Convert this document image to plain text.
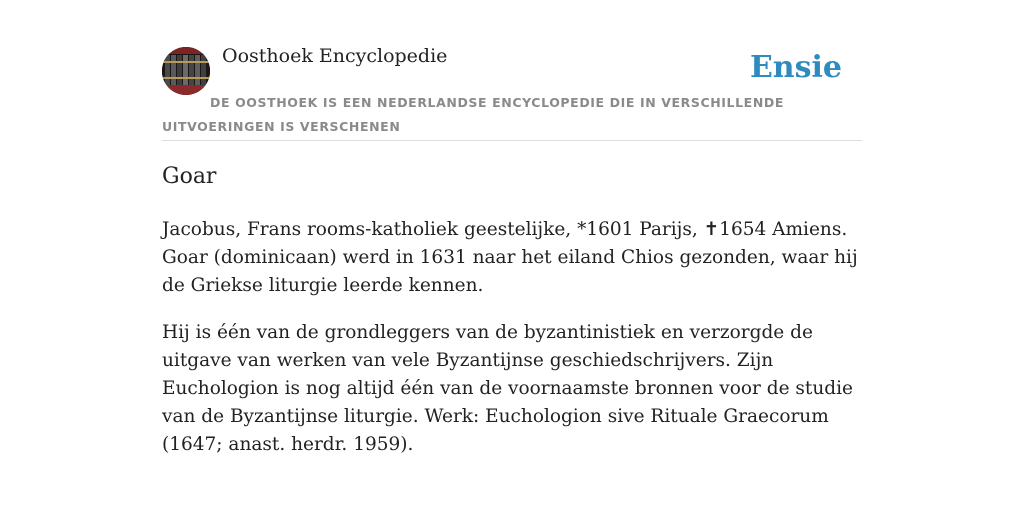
Oosthoek Encyclopedie	Ensie
DE OOSTHOEK IS EEN NEDERLANDSE ENCYCLOPEDIE DIE IN VERSCHILLENDE UITVOERINGEN IS VERSCHENEN
Goar

Jacobus, Frans rooms-katholiek geestelijke, *1601 Parijs, ✝1654 Amiens. Goar (dominicaan) werd in 1631 naar het eiland Chios gezonden, waar hij de Griekse liturgie leerde kennen.

Hij is één van de grondleggers van de byzantinistiek en verzorgde de uitgave van werken van vele Byzantijnse geschiedschrijvers. Zijn Euchologion is nog altijd één van de voornaamste bronnen voor de studie van de Byzantijnse liturgie. Werk: Euchologion sive Rituale Graecorum (1647; anast. herdr. 1959).
